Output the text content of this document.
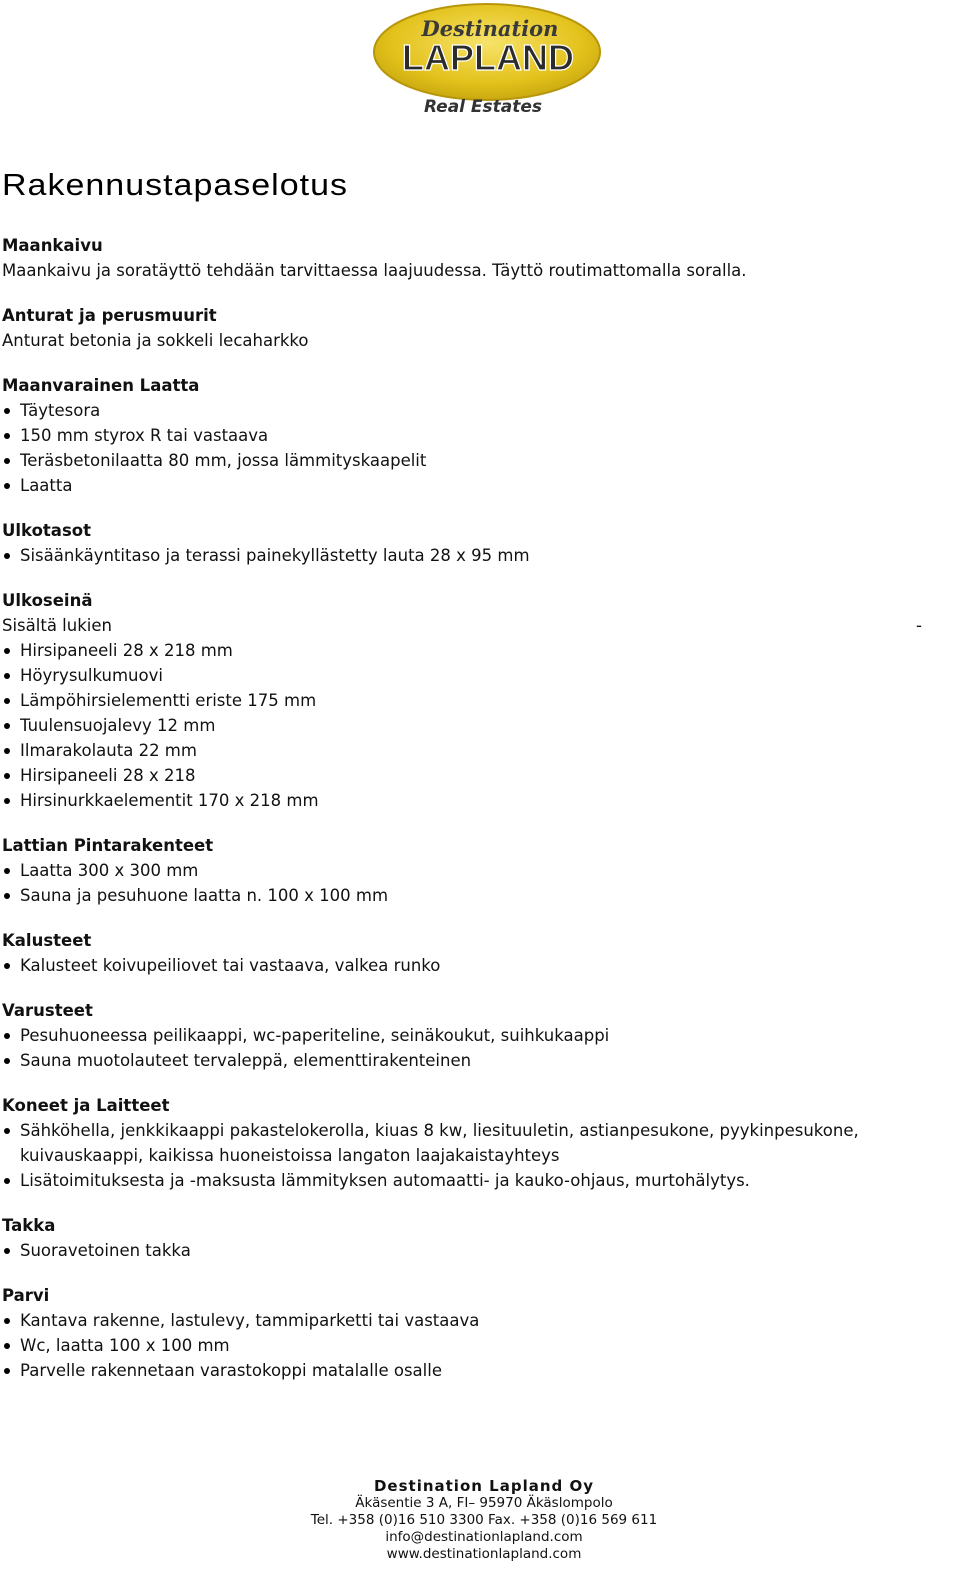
Destination
LAPLAND
Real Estates
Rakennustapaselotus
Maankaivu
Maankaivu ja soratäyttö tehdään tarvittaessa laajuudessa. Täyttö routimattomalla soralla.
Anturat ja perusmuurit
Anturat betonia ja sokkeli lecaharkko
Maanvarainen Laatta
Täytesora
150 mm styrox R tai vastaava
Teräsbetonilaatta 80 mm, jossa lämmityskaapelit
Laatta
Ulkotasot
Sisäänkäyntitaso ja terassi painekyllästetty lauta 28 x 95 mm
Ulkoseinä
Sisältä lukien	-
Hirsipaneeli 28 x 218 mm
Höyrysulkumuovi
Lämpöhirsielementti eriste 175 mm
Tuulensuojalevy 12 mm
Ilmarakolauta 22 mm
Hirsipaneeli 28 x 218
Hirsinurkkaelementit 170 x 218 mm
Lattian Pintarakenteet
Laatta 300 x 300 mm
Sauna ja pesuhuone laatta n. 100 x 100 mm
Kalusteet
Kalusteet koivupeiliovet tai vastaava, valkea runko
Varusteet
Pesuhuoneessa peilikaappi, wc-paperiteline, seinäkoukut, suihkukaappi
Sauna muotolauteet tervaleppä, elementtirakenteinen
Koneet ja Laitteet
Sähköhella, jenkkikaappi pakastelokerolla, kiuas 8 kw, liesituuletin, astianpesukone, pyykinpesukone, kuivauskaappi, kaikissa huoneistoissa langaton laajakaistayhteys
Lisätoimituksesta ja -maksusta lämmityksen automaatti- ja kauko-ohjaus, murtohälytys.
Takka
Suoravetoinen takka
Parvi
Kantava rakenne, lastulevy, tammiparketti tai vastaava
Wc, laatta 100 x 100 mm
Parvelle rakennetaan varastokoppi matalalle osalle
Destination Lapland Oy
Äkäsentie 3 A, FI– 95970 Äkäslompolo
Tel. +358 (0)16 510 3300 Fax. +358 (0)16 569 611
info@destinationlapland.com
www.destinationlapland.com
